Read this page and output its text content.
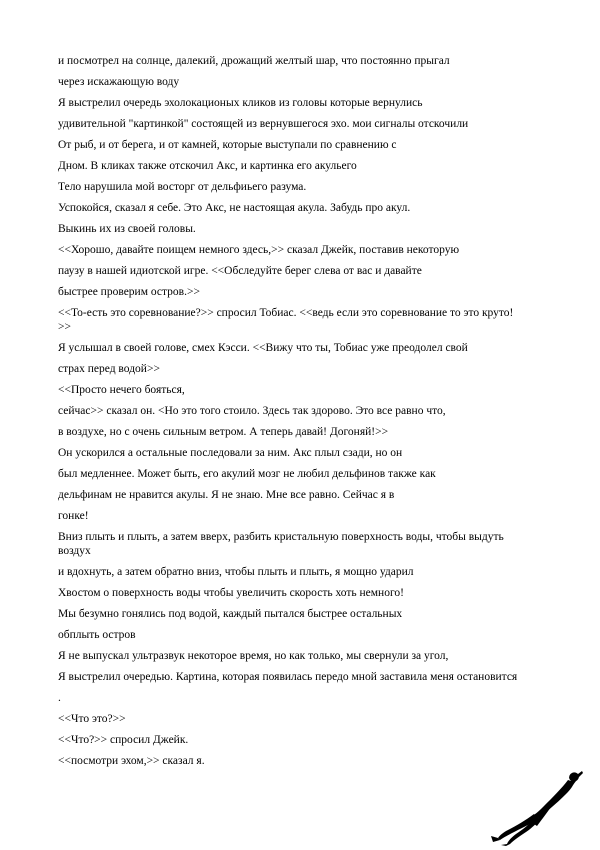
и посмотрел на солнце, далекий, дрожащий желтый шар, что постоянно прыгал

через искажающую воду

Я выстрелил очередь эхолокационых кликов из головы которые вернулись

удивительной "картинкой" состоящей из вернувшегося эхо. мои сигналы отскочили

От рыб, и от берега, и от камней, которые выступали по сравнению с

Дном. В кликах также отскочил Акс, и картинка его акульего

Тело нарушила мой восторг от дельфиьего разума.

Успокойся, сказал я себе. Это Акс, не настоящая акула. Забудь про акул.

Выкинь их из своей головы.

<<Хорошо, давайте поищем немного здесь,>> сказал Джейк, поставив некоторую

паузу в нашей идиотской игре. <<Обследуйте берег слева от вас и давайте

быстрее проверим остров.>>

<<То-есть это соревнование?>> спросил Тобиас. <<ведь если это соревнование то это круто!

>>

Я услышал в своей голове, смех Кэсси. <<Вижу что ты, Тобиас уже преодолел свой

страх перед водой>>

<<Просто нечего бояться,

сейчас>> сказал он. <Но это того стоило. Здесь так здорово. Это все равно что,

в воздухе, но с очень сильным ветром. А теперь давай! Догоняй!>>

Он ускорился а остальные последовали за ним. Акс плыл сзади, но он

был медленнее. Может быть, его акулий мозг не любил дельфинов также как

дельфинам не нравится акулы. Я не знаю. Мне все равно. Сейчас я в

гонке!

Вниз плыть и плыть, а затем вверх, разбить кристальную поверхность воды, чтобы выдуть

воздух

и вдохнуть, а затем обратно вниз, чтобы плыть и плыть, я мощно ударил

Хвостом о поверхность воды чтобы увеличить скорость хоть немного!

Мы безумно гонялись под водой, каждый пытался быстрее остальных

обплыть остров

Я не выпускал ультразвук некоторое время, но как только, мы свернули за угол,

Я выстрелил очередью. Картина, которая появилась передо мной заставила меня остановится

.

<<Что это?>>

<<Что?>> спросил Джейк.

<<посмотри эхом,>> сказал я.
